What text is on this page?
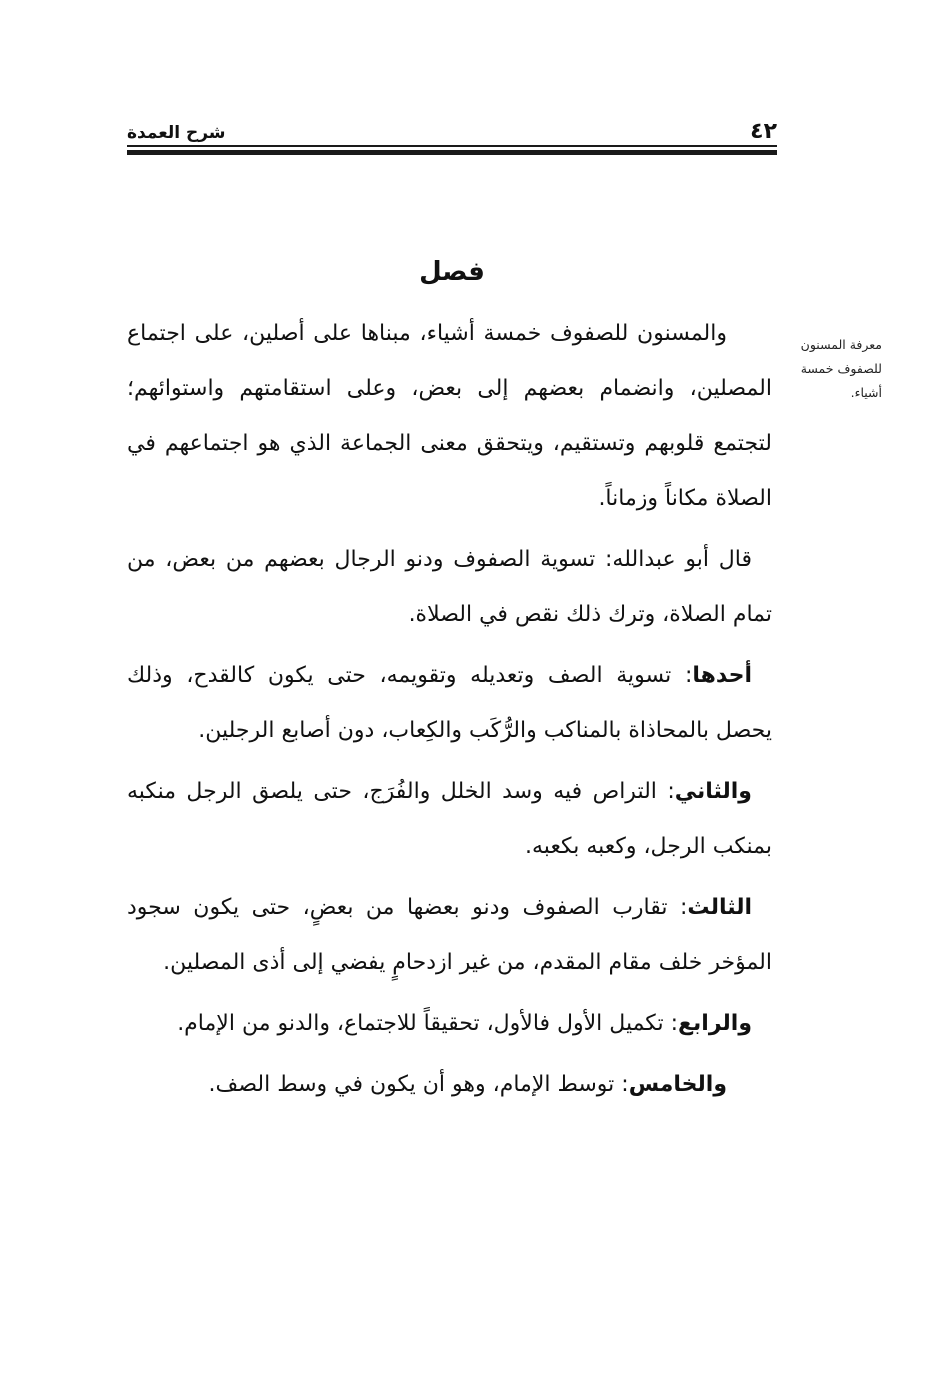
٤٢
شرح العمدة
فصل
معرفة المسنون للصفوف خمسة أشياء.

والمسنون للصفوف خمسة أشياء، مبناها على أصلين، على اجتماع المصلين، وانضمام بعضهم إلى بعض، وعلى استقامتهم واستوائهم؛ لتجتمع قلوبهم وتستقيم، ويتحقق معنى الجماعة الذي هو اجتماعهم في الصلاة مكاناً وزماناً.

قال أبو عبدالله: تسوية الصفوف ودنو الرجال بعضهم من بعض، من تمام الصلاة، وترك ذلك نقص في الصلاة.

أحدها: تسوية الصف وتعديله وتقويمه، حتى يكون كالقدح، وذلك يحصل بالمحاذاة بالمناكب والرُّكَب والكِعاب، دون أصابع الرجلين.

والثاني: التراص فيه وسد الخلل والفُرَج، حتى يلصق الرجل منكبه بمنكب الرجل، وكعبه بكعبه.

الثالث: تقارب الصفوف ودنو بعضها من بعضٍ، حتى يكون سجود المؤخر خلف مقام المقدم، من غير ازدحامٍ يفضي إلى أذى المصلين.

والرابع: تكميل الأول فالأول، تحقيقاً للاجتماع، والدنو من الإمام.

والخامس: توسط الإمام، وهو أن يكون في وسط الصف.
